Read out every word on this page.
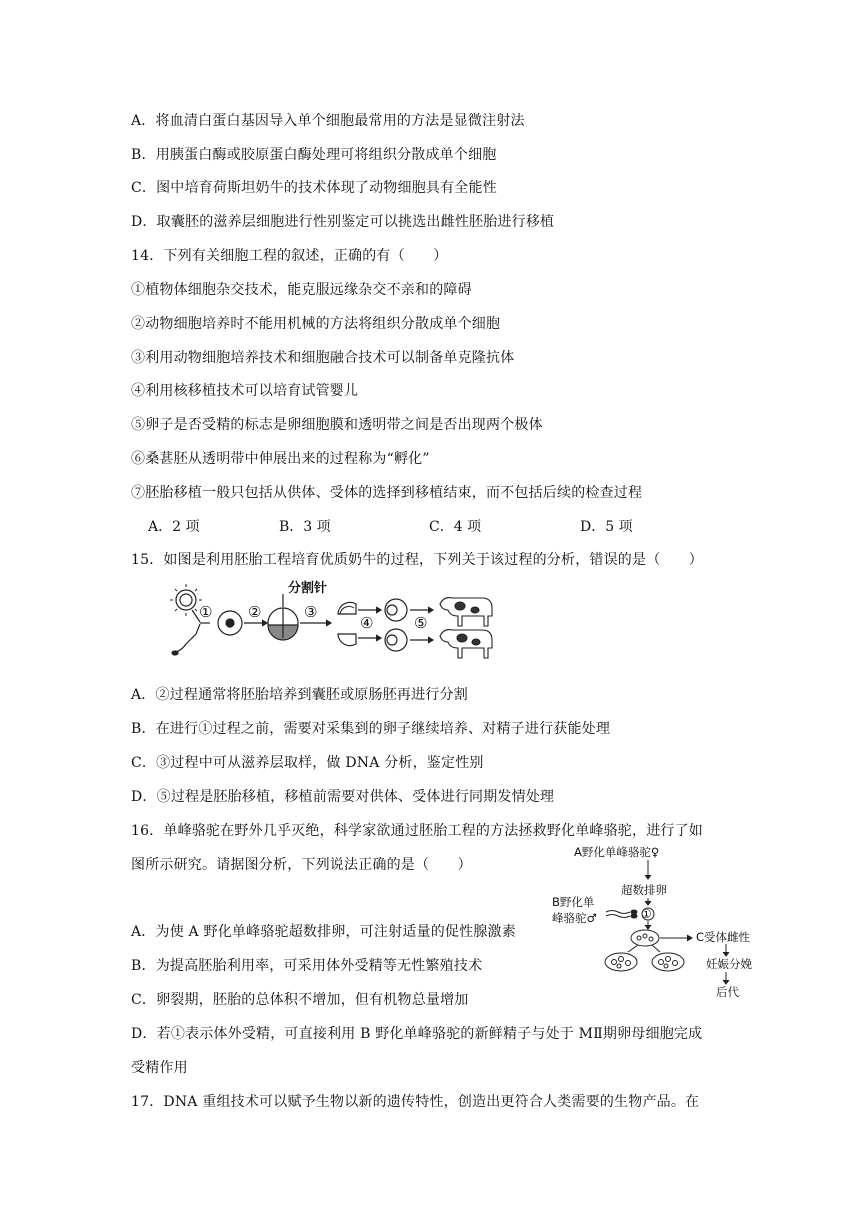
A．将血清白蛋白基因导入单个细胞最常用的方法是显微注射法
B．用胰蛋白酶或胶原蛋白酶处理可将组织分散成单个细胞
C．图中培育荷斯坦奶牛的技术体现了动物细胞具有全能性
D．取囊胚的滋养层细胞进行性别鉴定可以挑选出雌性胚胎进行移植
14．下列有关细胞工程的叙述，正确的有（　　）
①植物体细胞杂交技术，能克服远缘杂交不亲和的障碍
②动物细胞培养时不能用机械的方法将组织分散成单个细胞
③利用动物细胞培养技术和细胞融合技术可以制备单克隆抗体
④利用核移植技术可以培育试管婴儿
⑤卵子是否受精的标志是卵细胞膜和透明带之间是否出现两个极体
⑥桑葚胚从透明带中伸展出来的过程称为“孵化”
⑦胚胎移植一般只包括从供体、受体的选择到移植结束，而不包括后续的检查过程
A．2 项	B．3 项	C．4 项	D．5 项
15．如图是利用胚胎工程培育优质奶牛的过程，下列关于该过程的分析，错误的是（　　）
分割针
① ②	③
④	⑤
A．②过程通常将胚胎培养到囊胚或原肠胚再进行分割
B．在进行①过程之前，需要对采集到的卵子继续培养、对精子进行获能处理
C．③过程中可从滋养层取样，做 DNA 分析，鉴定性别
D．⑤过程是胚胎移植，移植前需要对供体、受体进行同期发情处理
16．单峰骆驼在野外几乎灭绝，科学家欲通过胚胎工程的方法拯救野化单峰骆驼，进行了如
图所示研究。请据图分析，下列说法正确的是（　　）
A野化单峰骆驼♀
超数排卵
B野化单
峰骆驼♂	①
C受体雌性
妊娠分娩
后代
A．为使 A 野化单峰骆驼超数排卵，可注射适量的促性腺激素
B．为提高胚胎利用率，可采用体外受精等无性繁殖技术
C．卵裂期，胚胎的总体积不增加，但有机物总量增加
D．若①表示体外受精，可直接利用 B 野化单峰骆驼的新鲜精子与处于 MⅡ期卵母细胞完成
受精作用
17．DNA 重组技术可以赋予生物以新的遗传特性，创造出更符合人类需要的生物产品。在
